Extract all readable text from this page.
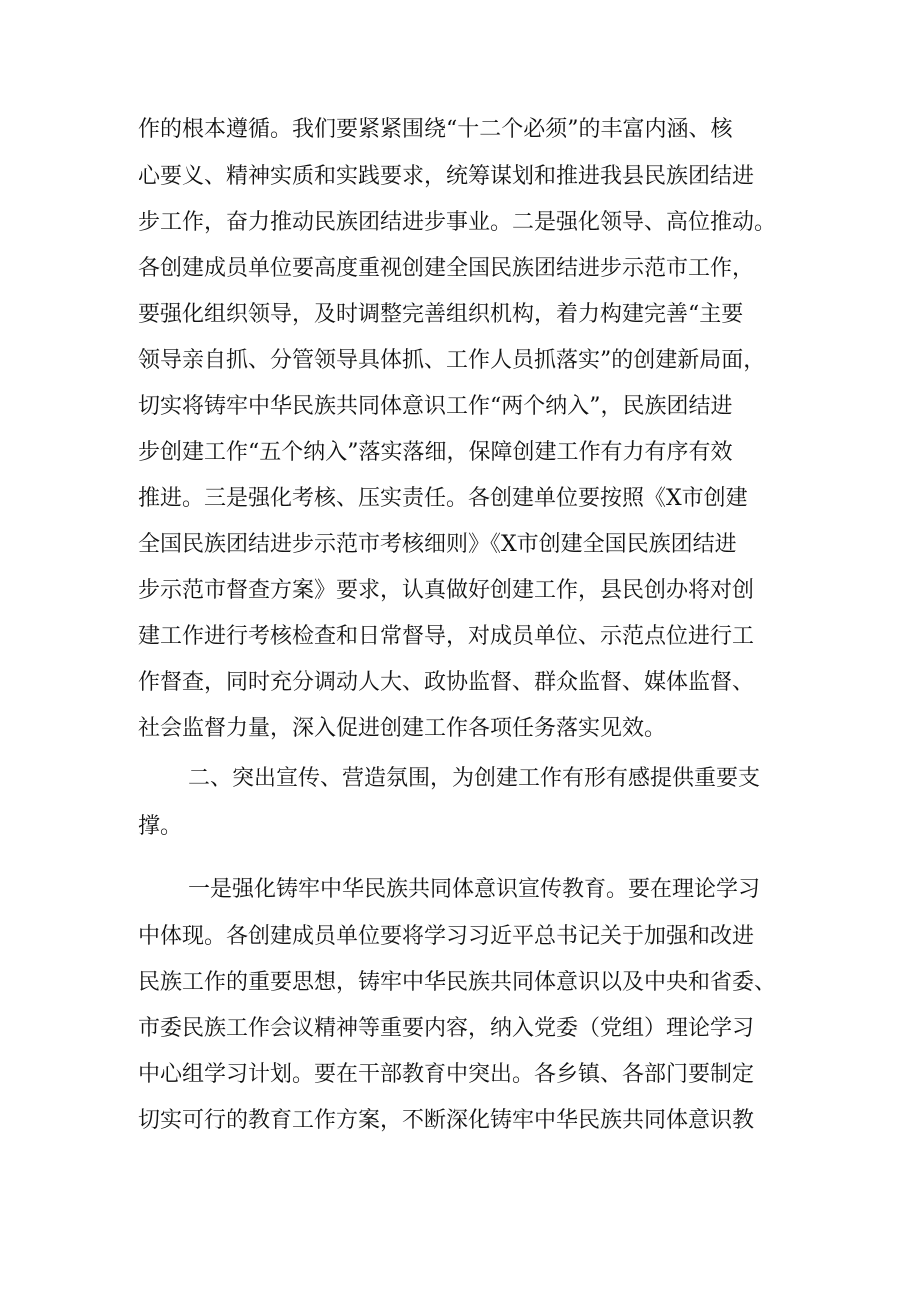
作的根本遵循。我们要紧紧围绕“十二个必须”的丰富内涵、核
心要义、精神实质和实践要求，统筹谋划和推进我县民族团结进
步工作，奋力推动民族团结进步事业。二是强化领导、高位推动。
各创建成员单位要高度重视创建全国民族团结进步示范市工作，
要强化组织领导，及时调整完善组织机构，着力构建完善“主要
领导亲自抓、分管领导具体抓、工作人员抓落实”的创建新局面，
切实将铸牢中华民族共同体意识工作“两个纳入”，民族团结进
步创建工作“五个纳入”落实落细，保障创建工作有力有序有效
推进。三是强化考核、压实责任。各创建单位要按照《X市创建
全国民族团结进步示范市考核细则》《X市创建全国民族团结进
步示范市督查方案》要求，认真做好创建工作，县民创办将对创
建工作进行考核检查和日常督导，对成员单位、示范点位进行工
作督查，同时充分调动人大、政协监督、群众监督、媒体监督、
社会监督力量，深入促进创建工作各项任务落实见效。
二、突出宣传、营造氛围，为创建工作有形有感提供重要支
撑。
一是强化铸牢中华民族共同体意识宣传教育。要在理论学习
中体现。各创建成员单位要将学习习近平总书记关于加强和改进
民族工作的重要思想，铸牢中华民族共同体意识以及中央和省委、
市委民族工作会议精神等重要内容，纳入党委（党组）理论学习
中心组学习计划。要在干部教育中突出。各乡镇、各部门要制定
切实可行的教育工作方案，不断深化铸牢中华民族共同体意识教
